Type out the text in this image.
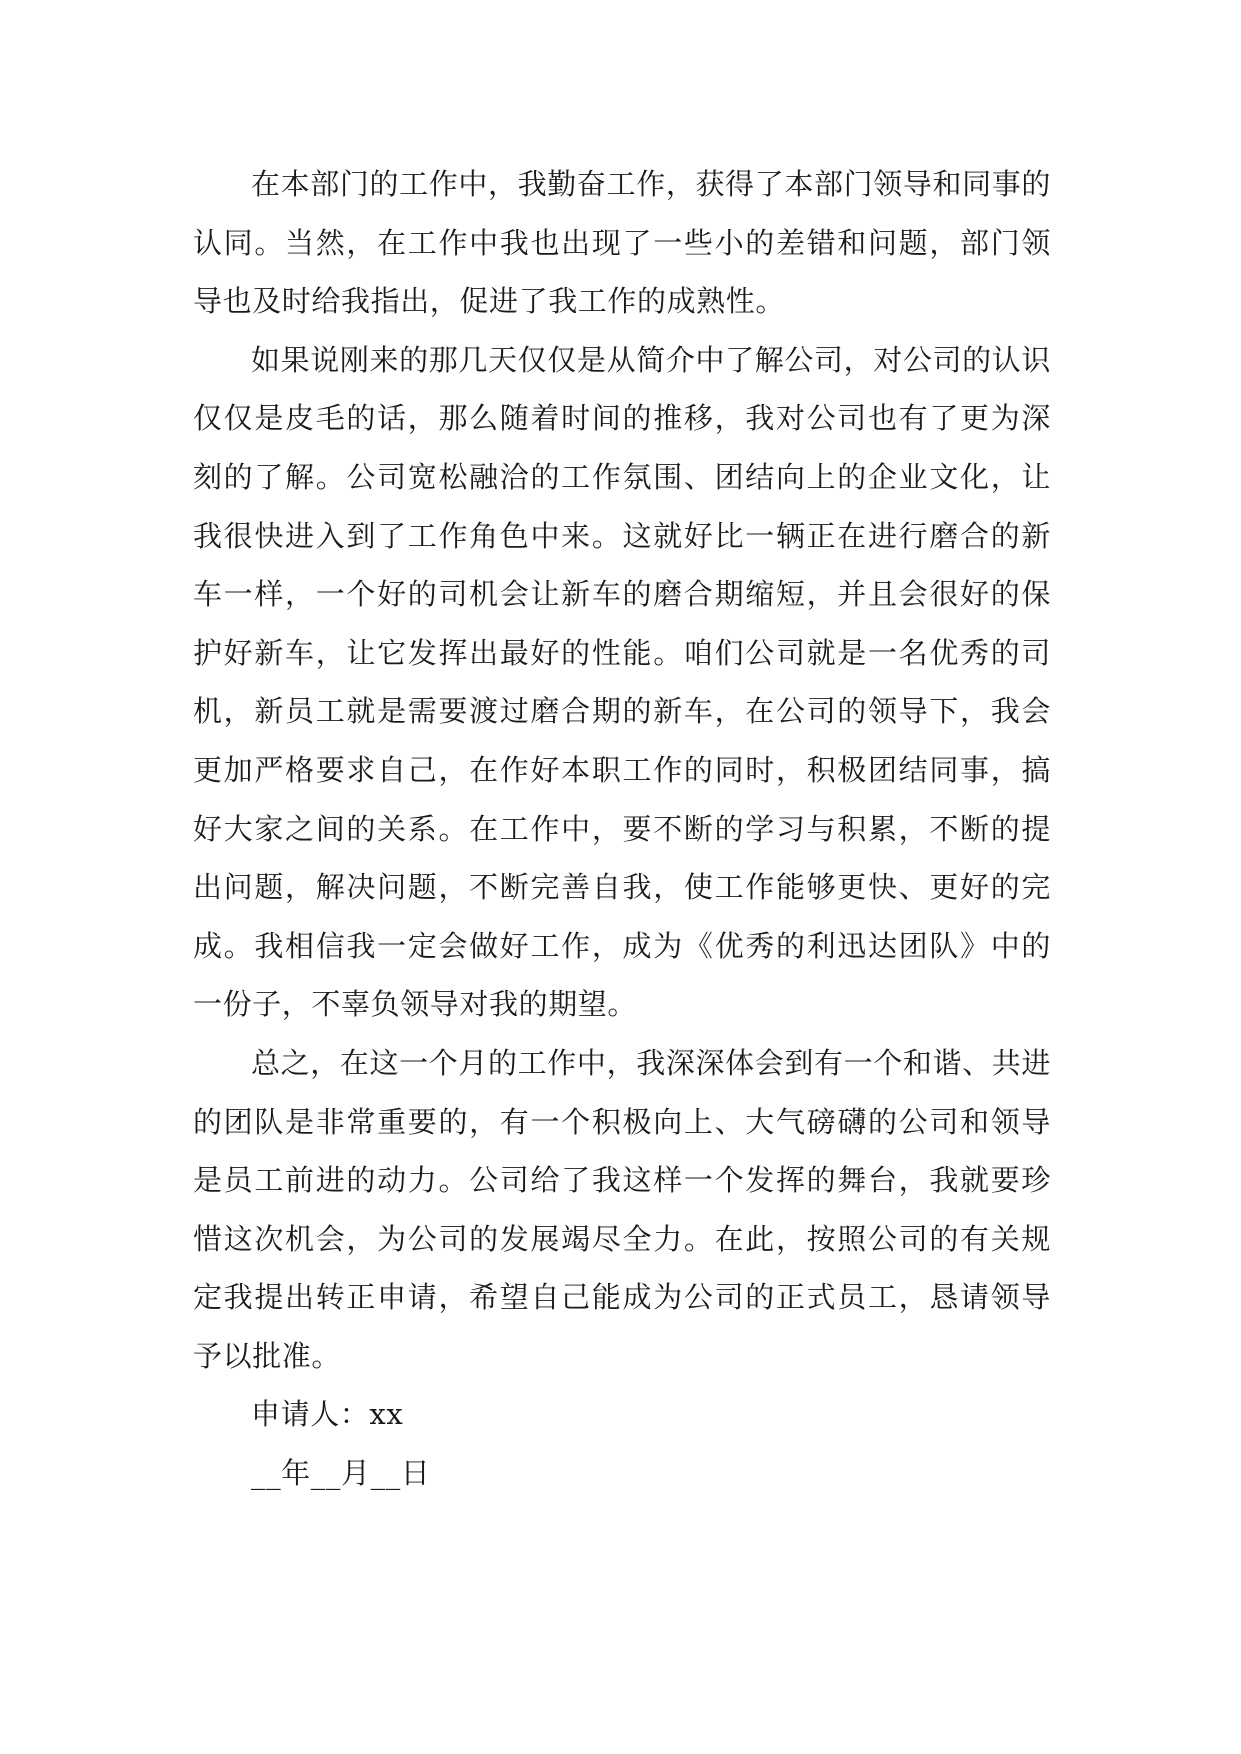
在本部门的工作中，我勤奋工作，获得了本部门领导和同事的认同。当然，在工作中我也出现了一些小的差错和问题，部门领导也及时给我指出，促进了我工作的成熟性。

如果说刚来的那几天仅仅是从简介中了解公司，对公司的认识仅仅是皮毛的话，那么随着时间的推移，我对公司也有了更为深刻的了解。公司宽松融洽的工作氛围、团结向上的企业文化，让我很快进入到了工作角色中来。这就好比一辆正在进行磨合的新车一样，一个好的司机会让新车的磨合期缩短，并且会很好的保护好新车，让它发挥出最好的性能。咱们公司就是一名优秀的司机，新员工就是需要渡过磨合期的新车，在公司的领导下，我会更加严格要求自己，在作好本职工作的同时，积极团结同事，搞好大家之间的关系。在工作中，要不断的学习与积累，不断的提出问题，解决问题，不断完善自我，使工作能够更快、更好的完成。我相信我一定会做好工作，成为《优秀的利迅达团队》中的一份子，不辜负领导对我的期望。

总之，在这一个月的工作中，我深深体会到有一个和谐、共进的团队是非常重要的，有一个积极向上、大气磅礴的公司和领导是员工前进的动力。公司给了我这样一个发挥的舞台，我就要珍惜这次机会，为公司的发展竭尽全力。在此，按照公司的有关规定我提出转正申请，希望自己能成为公司的正式员工，恳请领导予以批准。

申请人：xx

__年__月__日
